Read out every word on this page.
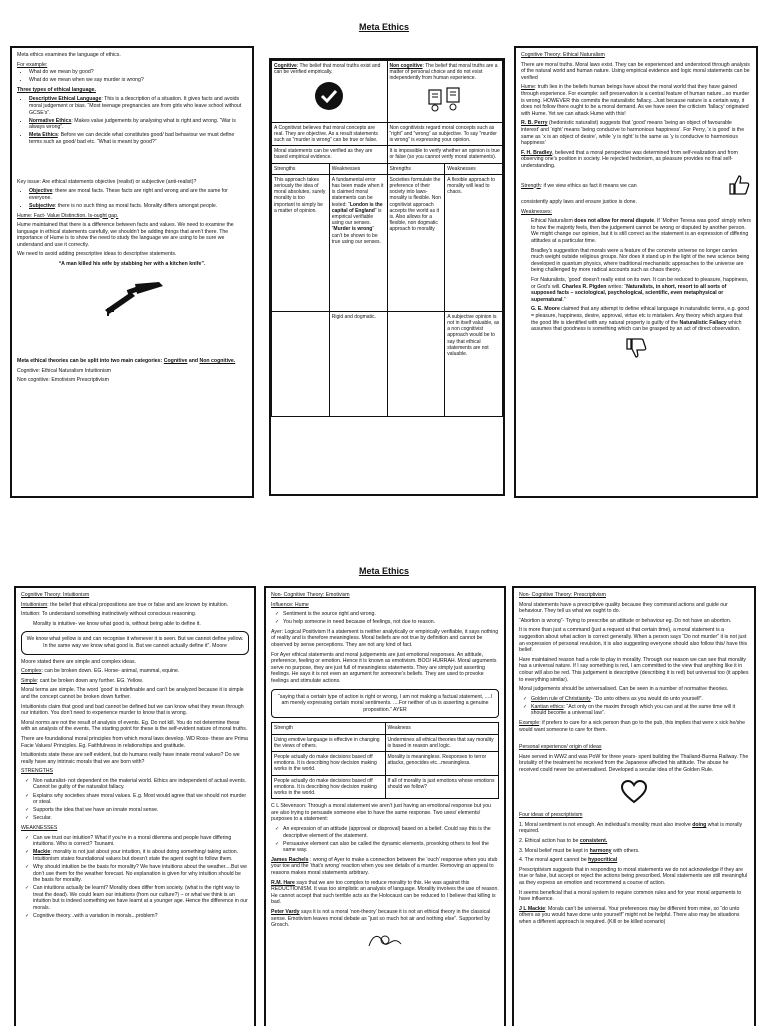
Meta Ethics

Meta ethics examines the language of ethics.

For example:

• What do we mean by good?
• What do we mean when we say murder is wrong?

Three types of ethical language.

• Descriptive Ethical Language: This is a description of a situation. It gives facts and avoids moral judgement or bias. “Most teenage pregnancies are from girls who leave school without GCSE’s”.
• Normative Ethics: Makes value judgements by analysing what is right and wrong. “War is always wrong”.
• Meta Ethics: Before we can decide what constitutes good/ bad behaviour we must define terms such as good/ bad etc. “What is meant by good?”

Key issue: Are ethical statements objective (realist) or subjective (anti-realist)?

• Objective: there are moral facts. These facts are right and wrong and are the same for everyone.
• Subjective: there is no such thing as moral facts. Morality differs amongst people.

Hume: Fact- Value Distinction. Is-ought gap.

Hume maintained that there is a difference between facts and values. We need to examine the language in ethical statements carefully, we shouldn’t be adding things that aren’t there. The importance of Hume is to show the need to study the language we are using to be sure we understand and use it correctly.

We need to avoid adding prescriptive ideas to descriptive statements.

“A man killed his wife by stabbing her with a kitchen knife”.

Meta ethical theories can be split into two main categories: Cognitive and Non cognitive.

Cognitive: Ethical Naturalism Intuitionism

Non cognitive: Emotivism Prescriptivism

Cognitive: The belief that moral truths exist and can be verified empirically.		Non cognitive: The belief that moral truths are a matter of personal choice and do not exist independently from human experience.	

A Cognitivist believes that moral concepts are real. They are objective. As a result statements such as “murder is wrong” can be true or false.		Non cognitivists regard moral concepts such as “right” and “wrong” as subjective. To say “murder is wrong” is expressing your opinion.	
Moral statements can be verified as they are based empirical evidence.		It is impossible to verify whether an opinion is true or false (so you cannot verify moral statements).	
Strengths	Weaknesses	Strengths	Weaknesses
This approach takes seriously the idea of moral absolutes, surely morality is too important to simply be a matter of opinion.	A fundamental error has been made when it is claimed moral statements can be tested: “London is the capital of England” is empirical verifiable using our senses. “Murder is wrong” can’t be shown to be true using our senses.	Societies formulate the preference of their society into laws- morality is flexible. Non cognitivist approach accepts the world as it is. Also allows for a flexible, non dogmatic approach to morality	A flexible approach to morality will lead to chaos.
	Rigid and dogmatic.		A subjective opinion is not in itself valuable, as a non cognitivist approach would be to say that ethical statements are not valuable.

Cognitive Theory: Ethical Naturalism

There are moral truths. Moral laws exist. They can be experienced and understood through analysis of the natural world and human nature. Using empirical evidence and logic moral statements can be verified

Hume: truth lies in the beliefs human beings have about the moral world that they have gained through experience. For example: self preservation is a central feature of human nature...so murder is wrong. HOWEVER this commits the naturalistic fallacy...Just because nature is a certain way, it does not follow there ought to be a moral demand. As we have seen the criticism ‘fallacy’ originated with Hume. Yet we can attack Hume with this!

R. B. Perry (hedonistic naturalist) suggests that ‘good’ means ‘being an object of favourable interest’ and ‘right’ means ‘being conducive to harmonious happiness’. For Perry, ‘x is good’ is the same as ‘x is an object of desire’, while ‘y is right’ is the same as ‘y is conducive to harmonious happiness’

F. H. Bradley, believed that a moral perspective was determined from self-realization and from observing one’s position in society. He rejected hedonism, as pleasure provides no final self-understanding.

Strength: if we view ethics as fact it means we can

consistently apply laws and ensure justice is done.

Weaknesses:

Ethical Naturalism does not allow for moral dispute. If ‘Mother Teresa was good’ simply refers to how the majority feels, then the judgement cannot be wrong or disputed by another person. We might change our opinion, but it is still correct as the statement is an expression of differing attitudes at a particular time.

Bradley’s suggestion that morals were a feature of the concrete universe no longer carries much weight outside religious groups. Nor does it stand up in the light of the new science being developed in quantum physics, where traditional mechanistic approaches to the universe are being challenged by more radical accounts such as chaos theory.

For Naturalists, ‘good’ doesn’t really exist on its own. It can be reduced to pleasure, happiness, or God’s will. Charles R. Pigden writes: “Naturalists, in short, resort to all sorts of supposed facts – sociological, psychological, scientific, even metaphysical or supernatural.”

G. E. Moore claimed that any attempt to define ethical language in naturalistic terms, e.g. good = pleasure, happiness, desire, approval, virtue etc is mistaken. Any theory which argues that the good life is identified with any natural property is guilty of the Naturalistic Fallacy which assumes that goodness is something which can be grasped by an act of direct observation.

Meta Ethics

Cognitive Theory: Intuitionism

Intuitionism: the belief that ethical propositions are true or false and are known by intuition.

Intuition: To understand something instinctively without conscious reasoning.

Morality is intuitive- we know what good is, without being able to define it.

We know what yellow is and can recognise it whenever it is seen. But we cannot define yellow. In the same way we know what good is. But we cannot actually define it”. Moore

Moore stated there are simple and complex ideas.

Complex: can be broken down. EG. Horse- animal, mammal, equine.

Simple: cant be broken down any further. EG. Yellow.

Moral terms are simple. The word ‘good’ is indefinable and can’t be analyzed because it is simple and the concept cannot be broken down further.

Intuitionists claim that good and bad cannot be defined but we can know what they mean through our intuition. You don’t need to experience murder to know that is wrong.

Moral norms are not the result of analysis of events. Eg. Do not kill. You do not determine these with an analysis of the events. The starting point for these is the self-evident nature of moral truths.

There are foundational moral principles from which moral laws develop. WD Ross- these are Prima Facie Values/ Principles. Eg. Faithfulness in relationships and gratitude.

Intuitionists state these are self evident, but do humans really have innate moral values? Do we really have any intrinsic morals that we are born with?

STRENGTHS

✓ Non naturalist- not dependent on the material world. Ethics are independent of actual events. Cannot be guilty of the naturalist fallacy.
✓ Explains why societies share moral values. E.g. Most would agree that we should not murder or steal.
✓ Supports the idea that we have an innate moral sense.
✓ Secular.

WEAKNESSES

✓ Can we trust our intuition? What if you’re in a moral dilemma and people have differing intuitions. Who is correct? Tsunami.
✓ Mackie: morality is not just about your intuition, it is about doing something/ taking action. Intuitionism states foundational values but doesn’t state the agent ought to follow them.
✓ Why should intuition be the basis for morality? We have intuitions about the weather....But we don’t use them for the weather forecast. No explanation is given for why intuition should be the basis for morality.
✓ Can intuitions actually be learnt? Morality does differ from society. (what is the right way to treat the dead). We could learn our intuitions (from our culture?) – or what we think is an intuition but is indeed something we have learnt at a younger age. Hence the difference in our morals.
✓ Cognitive theory...with a variation in morals...problem?

Non- Cognitive Theory: Emotivism

Influence: Hume

✓ Sentiment is the source right and wrong.
✓ You help someone in need because of feelings, not due to reason.

Ayer: Logical Positivism If a statement is neither analytically or empirically verifiable, it says nothing of reality and is therefore meaningless. Moral beliefs are not true by definition and cannot be observed by sense perceptions. They are not any kind of fact.

For Ayer ethical statements and moral judgements are just emotional responses. An attitude, preference, feeling or emotion. Hence it is known as emotivism. BOO/ HURRAH. Moral arguments serve no purpose, they are just full of meaningless statements. They are simply just asserting feelings. He says it is not even an argument for someone’s beliefs. They are used to provoke feelings and stimulate actions.

“saying that a certain type of action is right or wrong, I am not making a factual statement, ....I am merely expressing certain moral sentiments. ....For neither of us is asserting a genuine proposition.” AYER
Strength	Weakness
Using emotive language is effective in changing the views of others.	Undermines all ethical theories that say morality is based in reason and logic.
People actually do make decisions based off emotions. It is describing how decision making works in the world.	Morality is meaningless. Responses to terror attacks, genocides etc...meaningless.
People actually do make decisions based off emotions. It is describing how decision making works in the world.	If all of morality is just emotions whose emotions should we follow?

C L Stevenson: Through a moral statement we aren’t just having an emotional response but you are also trying to persuade someone else to have the same response. Two uses/ elements/ purposes to a statement:

✓ An expression of an attitude (approval or disproval) based on a belief. Could say this is the descriptive element of the statement.
✓ Persuasive element can also be called the dynamic elements, provoking others to feel the same way.

James Rachels : wrong of Ayer to make a connection between the ‘ouch’ response when you stub your toe and the ‘that’s wrong’ reaction when you see details of a murder. Removing an appeal to reasons makes moral statements arbitrary.

R.M. Hare says that we are too complex to reduce morality to this. He was against this REDUCTIONISM. It was too simplistic an analysis of language. Morality involves the use of reason. He cannot accept that such terrible acts as the Holocaust can be reduced to I believe that killing is bad.

Peter Vardy says it is not a moral ‘non-theory’ because it is not an ethical theory in the classical sense. Emotivism leaves moral debate as “just so much hot air and nothing else”. Supported by Grosch.

Non- Cognitive Theory: Prescriptivism

Moral statements have a prescriptive quality because they command actions and guide our behaviour. They tell us what we ought to do.

“Abortion is wrong”- Trying to prescribe an attitude or behaviour eg. Do not have an abortion.

It is more than just a command (just a request at that certain time), a moral statement is a suggestion about what action is correct generally. When a person says “Do not murder” it is not just an expression of personal revulsion, it is also suggesting everyone should also follow this/ have this belief.

Hare maintained reason had a role to play in morality. Through our reason we can see that morality has a universal nature. If I say something is red, I am committed to the view that anything like it in colour will also be red. This judgement is descriptive (describing it is red) but universal too (it applies to everything similar).

Moral judgements should be universalised. Can be seen in a number of normative theories.

✓ Golden rule of Christianity- “Do unto others as you would do unto yourself”.
✓ Kantian ethics: “Act only on the maxim through which you can and at the same time will it should become a universal law”.

Example: if prefers to care for a sick person than go to the pub, this implies that were x sick he/she would want someone to care for them.

Personal experience/ origin of ideas

Hare served in WW2 and was PoW for three years- spent building the Thailand-Burma Railway. The brutality of the treatment he received from the Japanese affected his attitude. The abuse he received could never be universalised. Developed a secular idea of the Golden Rule.

Four ideas of prescriptivism

1. Moral sentiment is not enough. An individual’s morality must also involve doing what is morally required.

2. Ethical action has to be consistent.

3. Moral belief must be kept in harmony with others.

4. The moral agent cannot be hypocritical

Prescriptivism suggests that in responding to moral statements we do not acknowledge if they are true or false, but accept or reject the actions being prescribed. Moral statements are still meaningful as they express an emotion and recommend a course of action.

It seems beneficial that a moral system to require common rules and for your moral arguments to have influence.

J L Mackie: Morals can’t be universal. Your preferences may be different from mine, so “do unto others as you would have done unto yourself” might not be helpful. There also may be situations when a different approach is required. (Kill or be killed scenario)
